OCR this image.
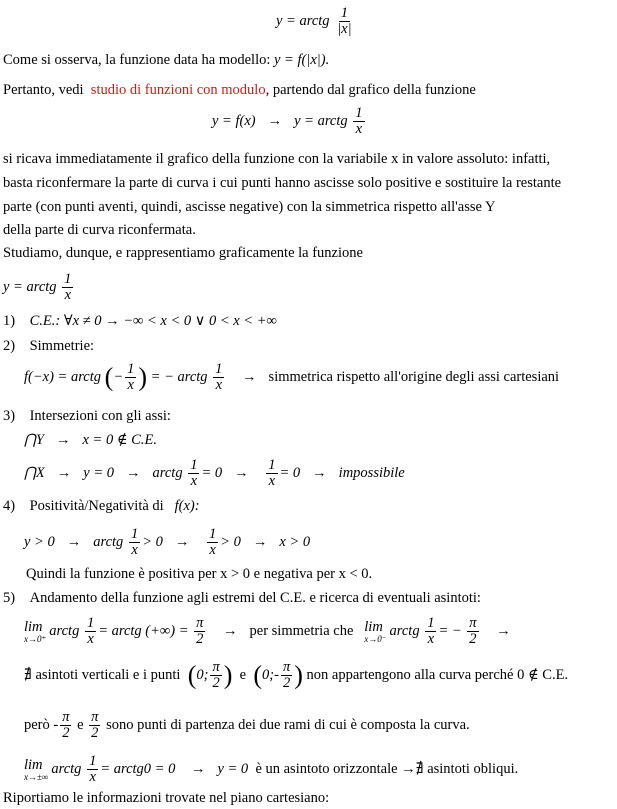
y = arctg $\frac{1}{|x|}$
Come si osserva, la funzione data ha modello: y = f(|x|).
Pertanto, vedi studio di funzioni con modulo, partendo dal grafico della funzione
y = f(x) → y = arctg $\frac{1}{x}$
si ricava immediatamente il grafico della funzione con la variabile x in valore assoluto: infatti,
basta riconfermare la parte di curva i cui punti hanno ascisse solo positive e sostituire la restante
parte (con punti aventi, quindi, ascisse negative) con la simmetrica rispetto all'asse Y
della parte di curva riconfermata.
Studiamo, dunque, e rappresentiamo graficamente la funzione
y = arctg $\frac{1}{x}$
1) C.E.: ∀x ≠ 0 → −∞ < x < 0 ∨ 0 < x < +∞
2) Simmetrie:
f(−x) = arctg (− $\frac{1}{x}$ ) = − arctg $\frac{1}{x}$ → simmetrica rispetto all'origine degli assi cartesiani
3) Intersezioni con gli assi:
⋂Y → x = 0 ∉ C.E.
⋂X → y = 0 → arctg $\frac{1}{x} = 0 \to \frac{1}{x} = 0$ → impossibile
4) Positività/Negatività di f(x):
y > 0 → arctg $\frac{1}{x} > 0 \to \frac{1}{x} > 0 \to x > 0$
Quindi la funzione è positiva per x > 0 e negativa per x < 0.
5) Andamento della funzione agli estremi del C.E. e ricerca di eventuali asintoti:
lim
x→0⁺ arctg $\frac{1}{x}$ = arctg (+∞) = $\frac{\pi}{2}$ → per simmetria che lim
x→0⁻ arctg $\frac{1}{x}$ = − $\frac{\pi}{2}$ →
∄ asintoti verticali e i punti (0; $\frac{\pi}{2}$ ) e (0;- $\frac{\pi}{2}$ ) non appartengono alla curva perché 0 ∉ C.E.
però - $\frac{\pi}{2}$ e $\frac{\pi}{2}$ sono punti di partenza dei due rami di cui è composta la curva.
lim
x→±∞ arctg $\frac{1}{x}$ = arctg0 = 0 → y = 0 è un asintoto orizzontale →∄ asintoti obliqui.
Riportiamo le informazioni trovate nel piano cartesiano:
